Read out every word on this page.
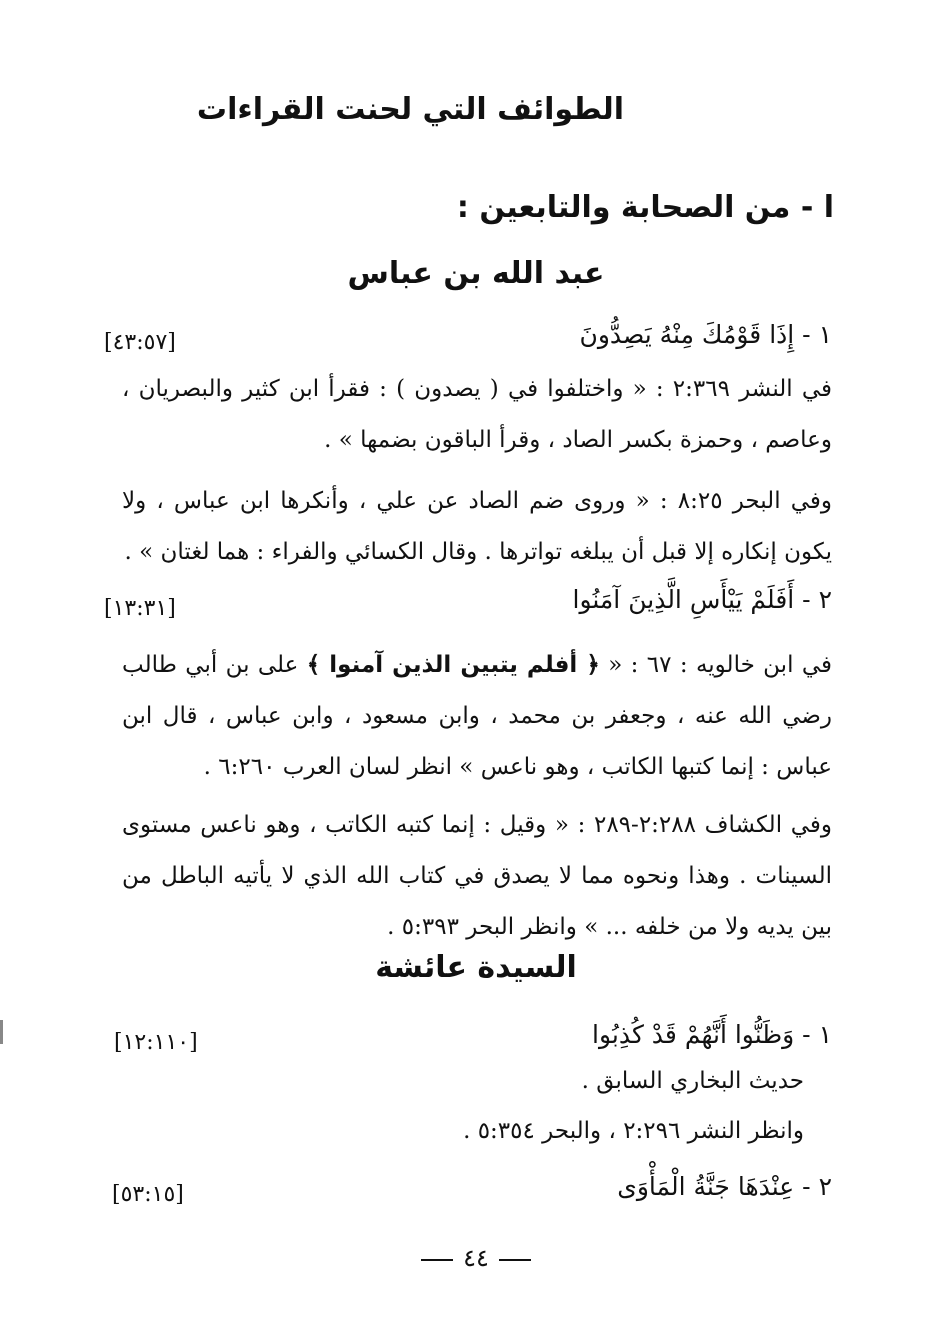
الطوائف التي لحنت القراءات
ا - من الصحابة والتابعين :
عبد الله بن عباس
١ - إِذَا قَوْمُكَ مِنْهُ يَصِدُّونَ
[٤٣:٥٧]
في النشر ٢:٣٦٩ : « واختلفوا في ( يصدون ) : فقرأ ابن كثير والبصريان ، وعاصم ، وحمزة بكسر الصاد ، وقرأ الباقون بضمها » .
وفي البحر ٨:٢٥ : « وروى ضم الصاد عن علي ، وأنكرها ابن عباس ، ولا يكون إنكاره إلا قبل أن يبلغه تواترها . وقال الكسائي والفراء : هما لغتان » .
٢ - أَفَلَمْ يَيْأَسِ الَّذِينَ آمَنُوا
[١٣:٣١]
في ابن خالويه : ٦٧ : « ﴿ أفلم يتبين الذين آمنوا ﴾ على بن أبي طالب رضي الله عنه ، وجعفر بن محمد ، وابن مسعود ، وابن عباس ، قال ابن عباس : إنما كتبها الكاتب ، وهو ناعس » انظر لسان العرب ٦:٢٦٠ .
وفي الكشاف ٢:٢٨٨-٢٨٩ : « وقيل : إنما كتبه الكاتب ، وهو ناعس مستوى السينات . وهذا ونحوه مما لا يصدق في كتاب الله الذي لا يأتيه الباطل من بين يديه ولا من خلفه ... » وانظر البحر ٥:٣٩٣ .
السيدة عائشة
١ - وَظَنُّوا أَنَّهُمْ قَدْ كُذِبُوا
[١٢:١١٠]
حديث البخاري السابق .
وانظر النشر ٢:٢٩٦ ، والبحر ٥:٣٥٤ .
٢ - عِنْدَهَا جَنَّةُ الْمَأْوَى
[٥٣:١٥]
٤٤
